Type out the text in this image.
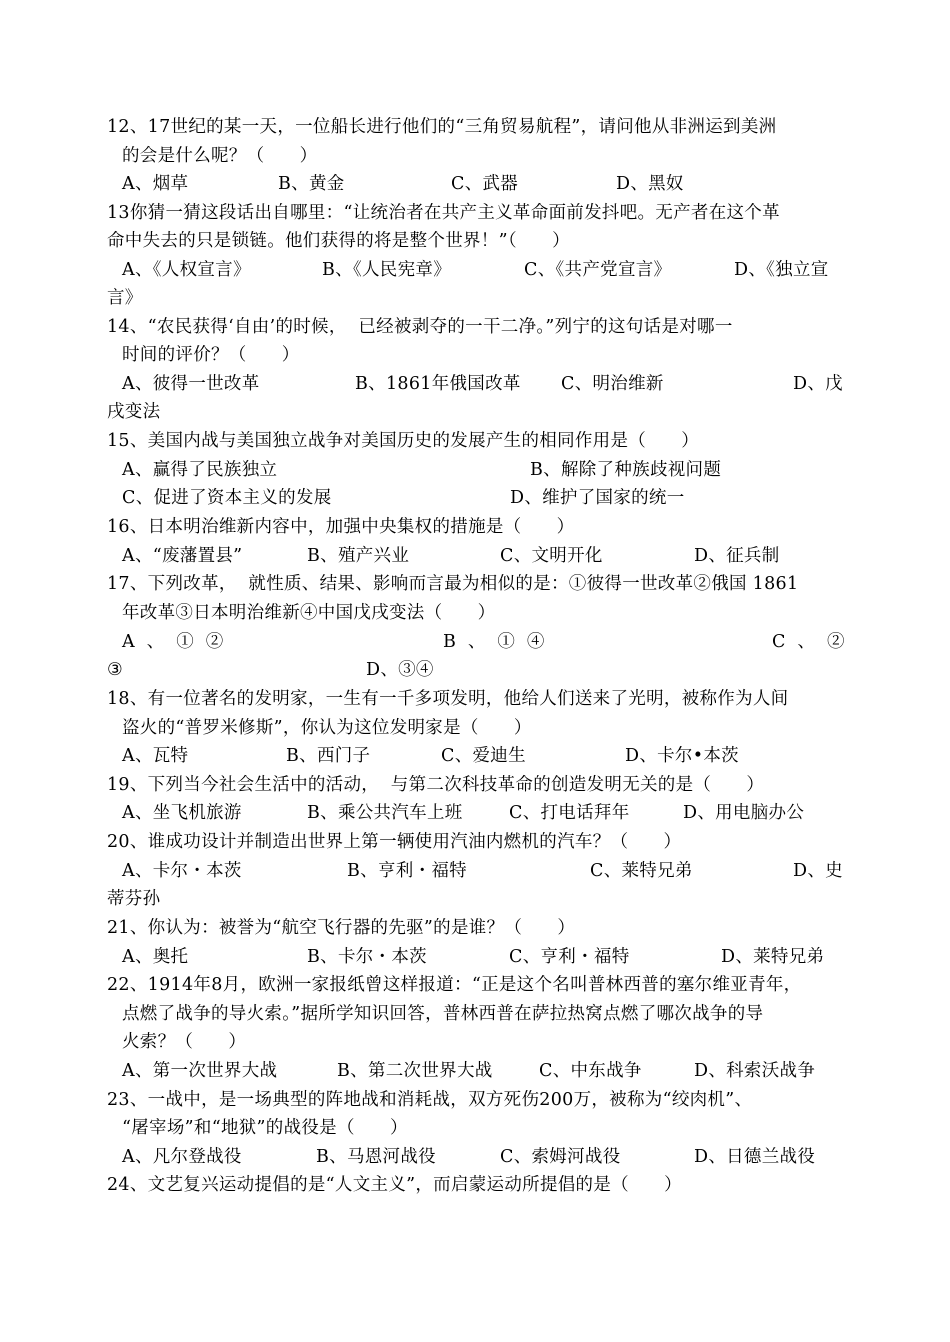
12、17世纪的某一天，一位船长进行他们的“三角贸易航程”，请问他从非洲运到美洲
的会是什么呢？（      ）
A、烟草	B、黄金	C、武器	D、黑奴
13你猜一猜这段话出自哪里：“让统治者在共产主义革命面前发抖吧。无产者在这个革
命中失去的只是锁链。他们获得的将是整个世界！”（      ）
A、《人权宣言》	B、《人民宪章》	C、《共产党宣言》	D、《独立宣
言》
14、“农民获得‘自由’的时候，  已经被剥夺的一干二净。”列宁的这句话是对哪一
时间的评价？（      ）
A、彼得一世改革	B、1861年俄国改革 C、明治维新	D、戊
戌变法
15、美国内战与美国独立战争对美国历史的发展产生的相同作用是（      ）
A、赢得了民族独立	B、解除了种族歧视问题
C、促进了资本主义的发展	D、维护了国家的统一
16、日本明治维新内容中，加强中央集权的措施是（      ）
A、“废藩置县”	B、殖产兴业	C、文明开化	D、征兵制
17、下列改革，  就性质、结果、影响而言最为相似的是：①彼得一世改革②俄国 1861
年改革③日本明治维新④中国戊戌变法（      ）
A  、  ①  ②	B  、  ①  ④	C  、  ②
③	D、③④
18、有一位著名的发明家，一生有一千多项发明，他给人们送来了光明，被称作为人间
盗火的“普罗米修斯”，你认为这位发明家是（      ）
A、瓦特	B、西门子	C、爱迪生	D、卡尔•本茨
19、下列当今社会生活中的活动，  与第二次科技革命的创造发明无关的是（      ）
A、坐飞机旅游	B、乘公共汽车上班	C、打电话拜年	D、用电脑办公
20、谁成功设计并制造出世界上第一辆使用汽油内燃机的汽车？（      ）
A、卡尔・本茨	B、亨利・福特	C、莱特兄弟	D、史
蒂芬孙
21、你认为：被誉为“航空飞行器的先驱”的是谁？（      ）
A、奥托	B、卡尔・本茨	C、亨利・福特	D、莱特兄弟
22、1914年8月，欧洲一家报纸曾这样报道：“正是这个名叫普林西普的塞尔维亚青年，
点燃了战争的导火索。”据所学知识回答，普林西普在萨拉热窝点燃了哪次战争的导
火索？（      ）
A、第一次世界大战	B、第二次世界大战	C、中东战争	D、科索沃战争
23、一战中，是一场典型的阵地战和消耗战，双方死伤200万，被称为“绞肉机”、
“屠宰场”和“地狱”的战役是（      ）
A、凡尔登战役	B、马恩河战役	C、索姆河战役	D、日德兰战役
24、文艺复兴运动提倡的是“人文主义”，而启蒙运动所提倡的是（      ）
